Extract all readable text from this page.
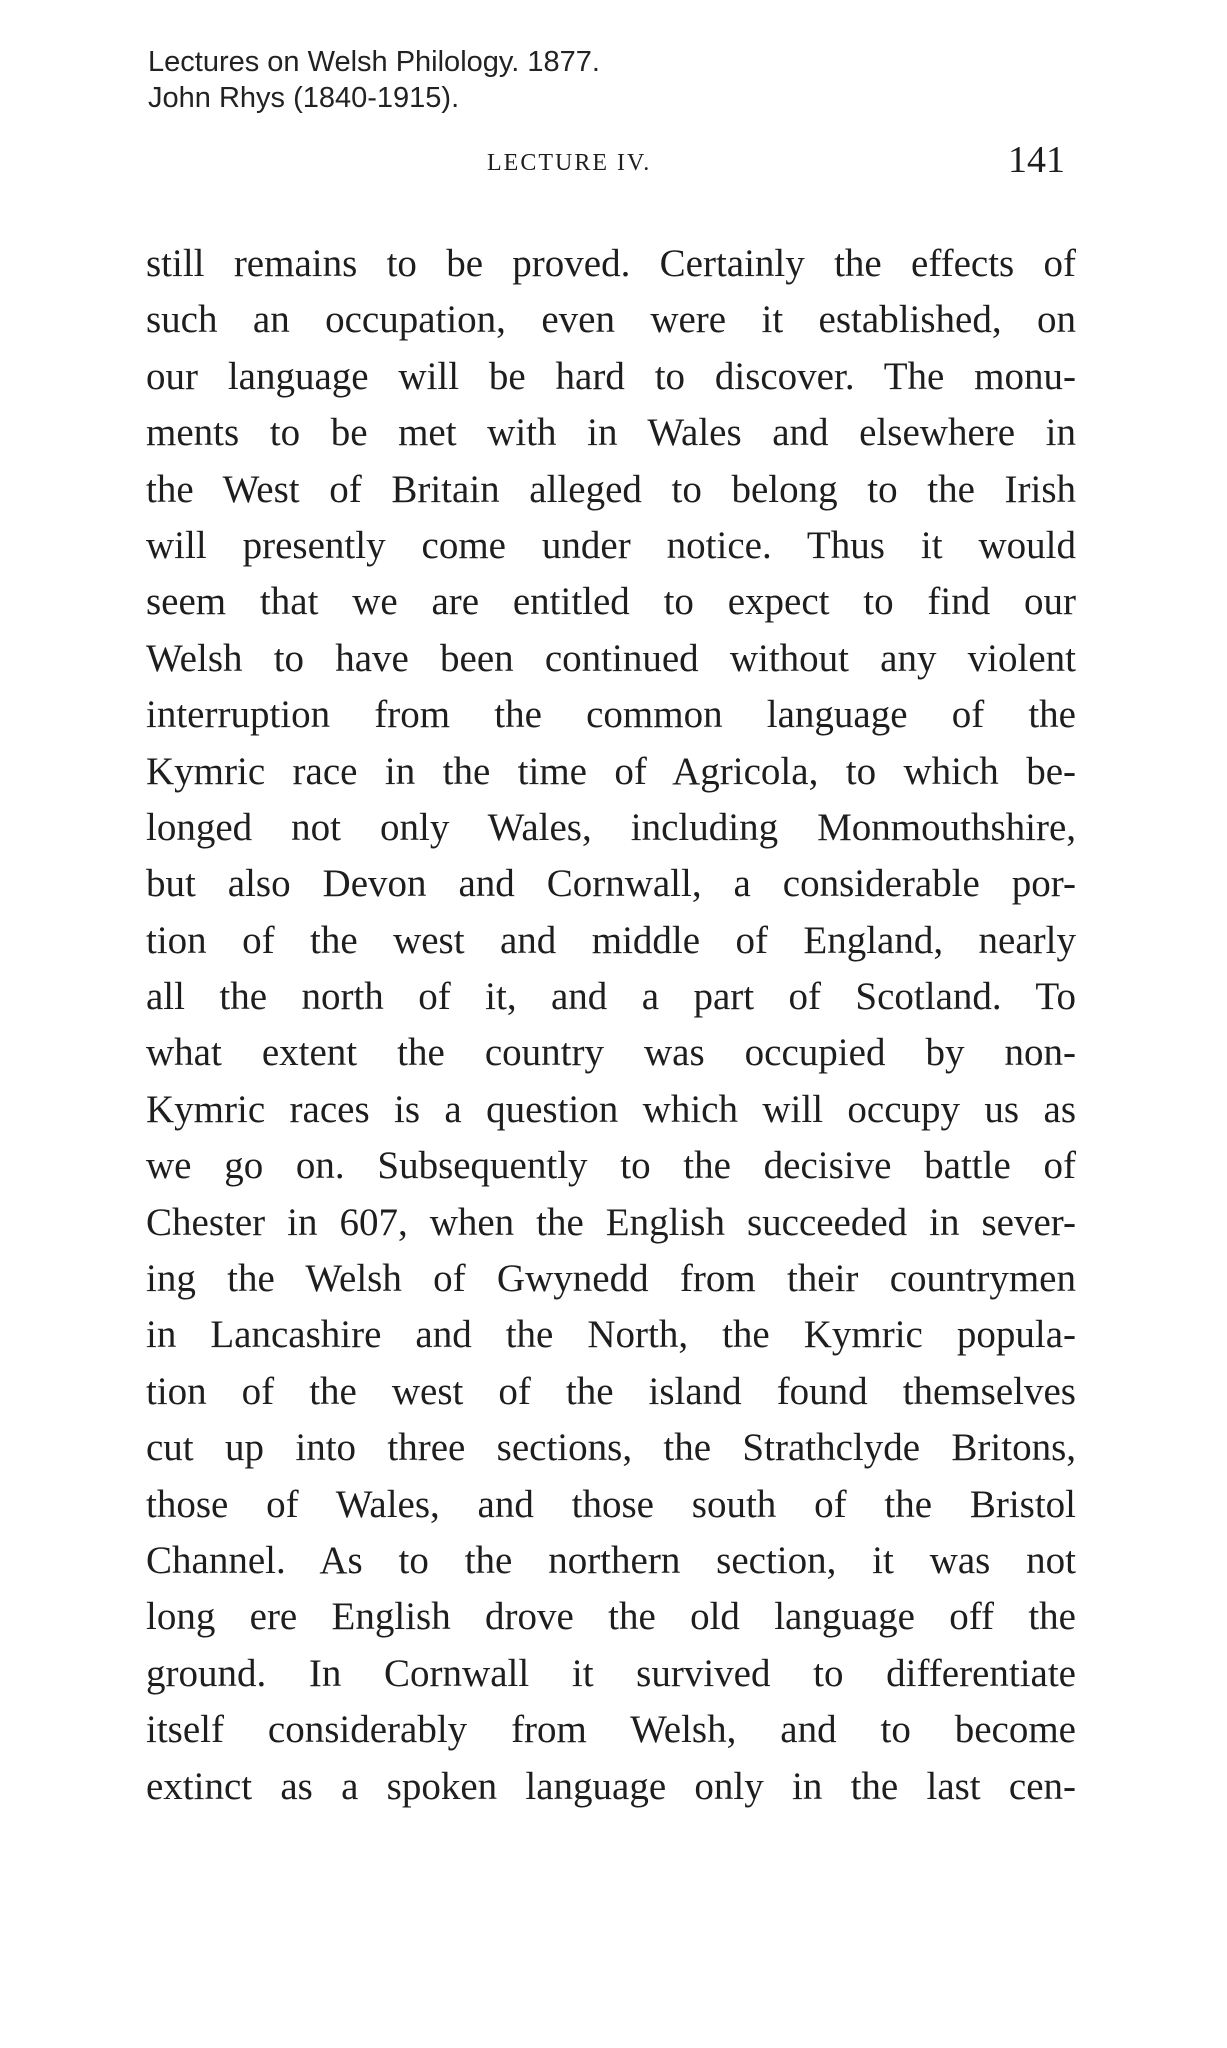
Lectures on Welsh Philology. 1877.
John Rhys (1840-1915).
LECTURE IV.	141
still remains to be proved. Certainly the effects of
such an occupation, even were it established, on
our language will be hard to discover. The monu-
ments to be met with in Wales and elsewhere in
the West of Britain alleged to belong to the Irish
will presently come under notice. Thus it would
seem that we are entitled to expect to find our
Welsh to have been continued without any violent
interruption from the common language of the
Kymric race in the time of Agricola, to which be-
longed not only Wales, including Monmouthshire,
but also Devon and Cornwall, a considerable por-
tion of the west and middle of England, nearly
all the north of it, and a part of Scotland. To
what extent the country was occupied by non-
Kymric races is a question which will occupy us as
we go on. Subsequently to the decisive battle of
Chester in 607, when the English succeeded in sever-
ing the Welsh of Gwynedd from their countrymen
in Lancashire and the North, the Kymric popula-
tion of the west of the island found themselves
cut up into three sections, the Strathclyde Britons,
those of Wales, and those south of the Bristol
Channel. As to the northern section, it was not
long ere English drove the old language off the
ground. In Cornwall it survived to differentiate
itself considerably from Welsh, and to become
extinct as a spoken language only in the last cen-
